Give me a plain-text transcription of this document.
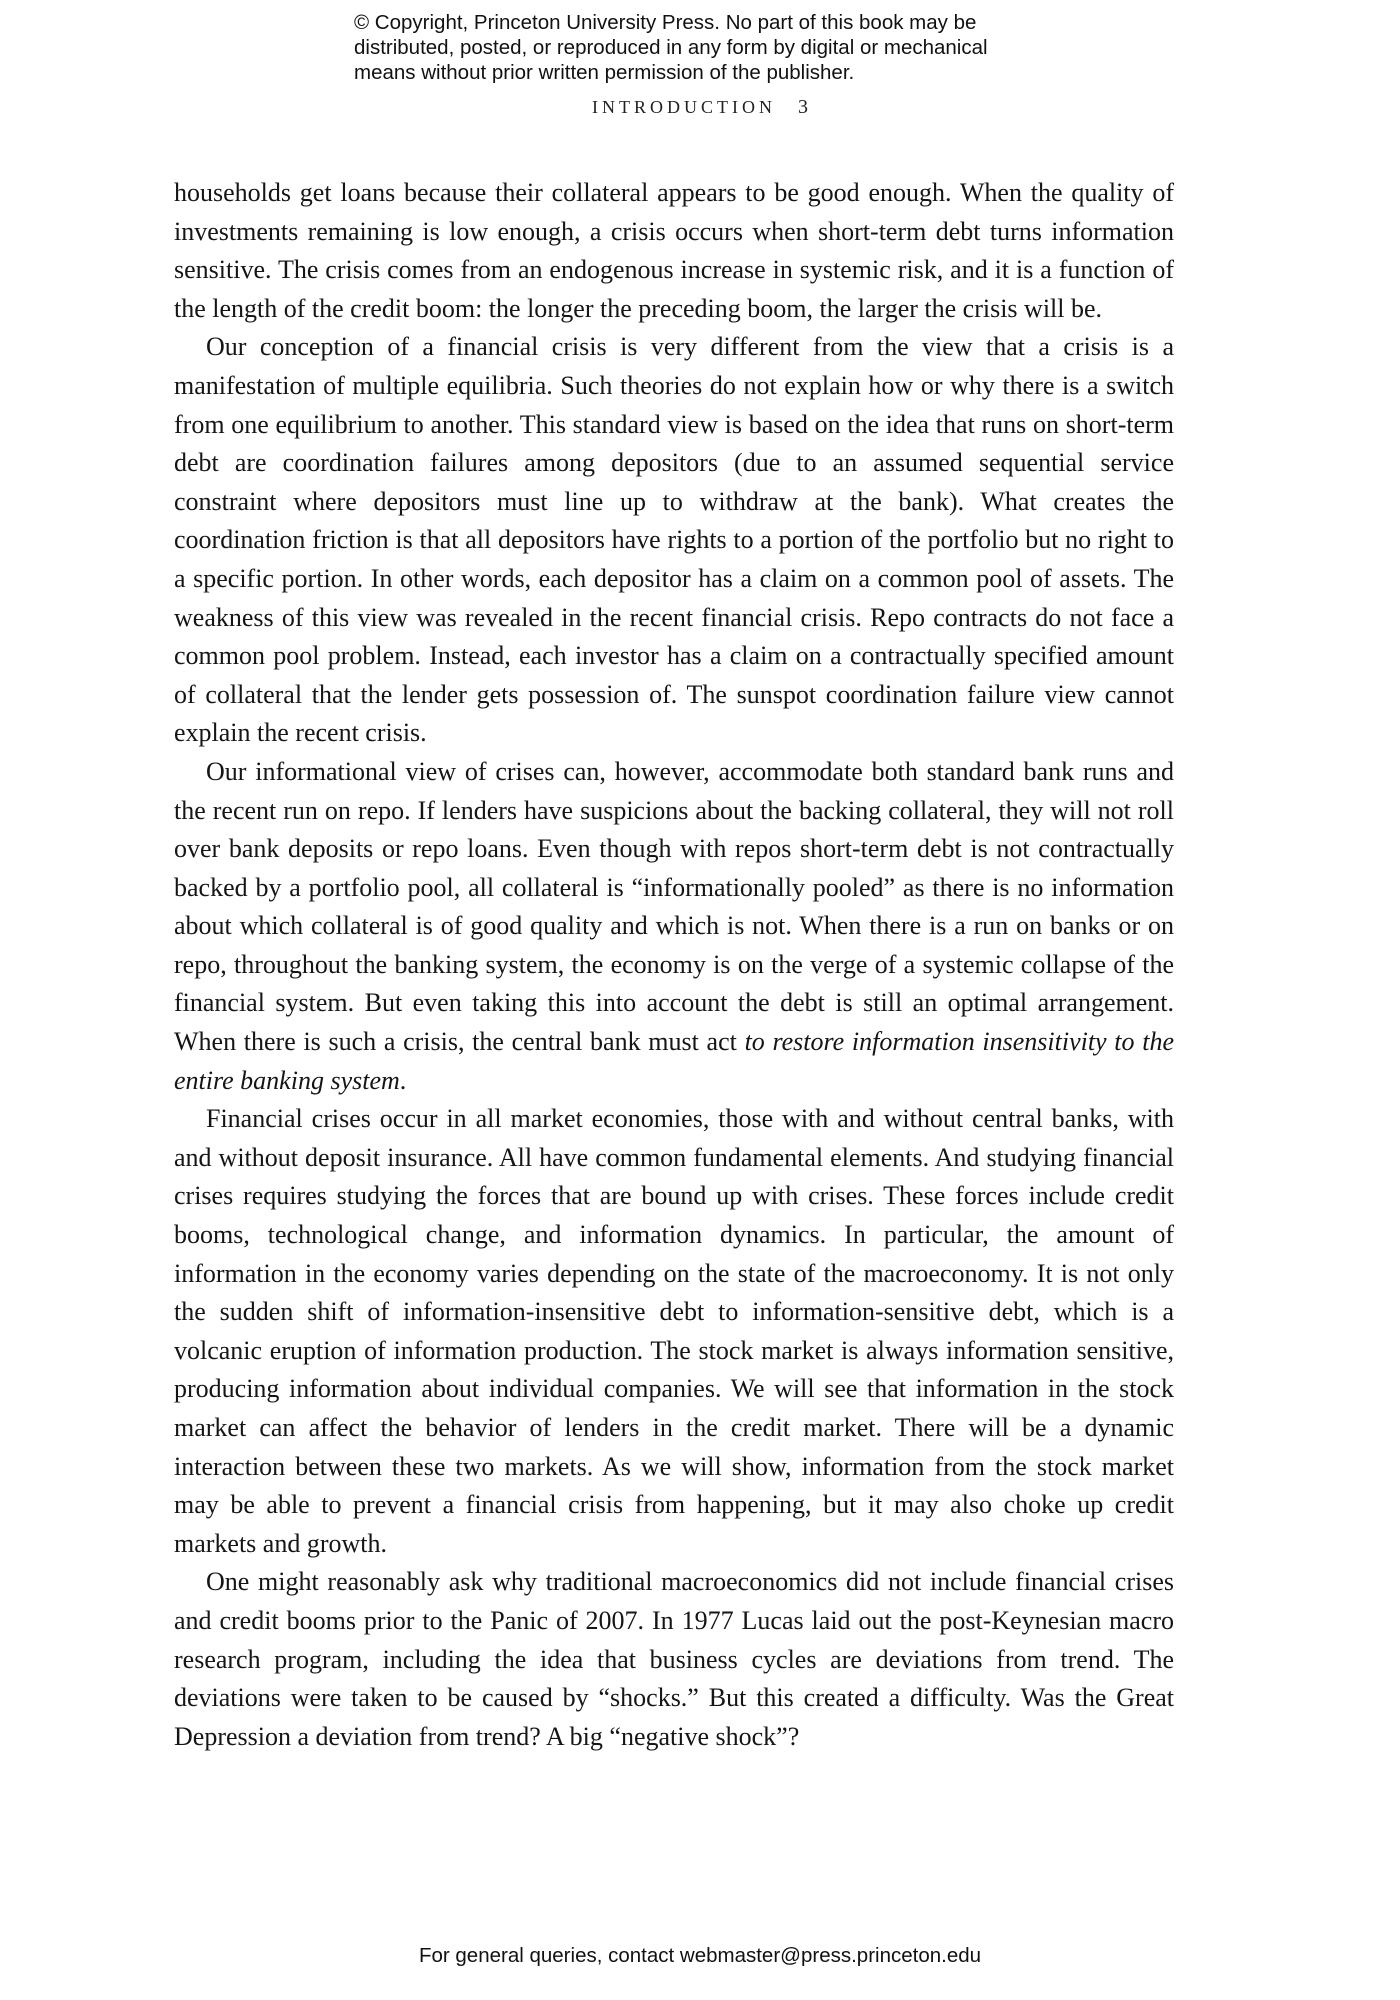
© Copyright, Princeton University Press. No part of this book may be
distributed, posted, or reproduced in any form by digital or mechanical
means without prior written permission of the publisher.
INTRODUCTION 3

households get loans because their collateral appears to be good enough. When the quality of investments remaining is low enough, a crisis occurs when short-term debt turns information sensitive. The crisis comes from an endogenous increase in systemic risk, and it is a function of the length of the credit boom: the longer the preceding boom, the larger the crisis will be.

Our conception of a financial crisis is very different from the view that a crisis is a manifestation of multiple equilibria. Such theories do not explain how or why there is a switch from one equilibrium to another. This standard view is based on the idea that runs on short-term debt are coordination failures among depositors (due to an assumed sequential service constraint where depositors must line up to withdraw at the bank). What creates the coordination friction is that all depositors have rights to a portion of the portfolio but no right to a specific portion. In other words, each depositor has a claim on a common pool of assets. The weakness of this view was revealed in the recent financial crisis. Repo contracts do not face a common pool problem. Instead, each investor has a claim on a contractually specified amount of collateral that the lender gets possession of. The sunspot coordination failure view cannot explain the recent crisis.

Our informational view of crises can, however, accommodate both standard bank runs and the recent run on repo. If lenders have suspicions about the backing collateral, they will not roll over bank deposits or repo loans. Even though with repos short-term debt is not contractually backed by a portfolio pool, all collateral is “informationally pooled” as there is no information about which collateral is of good quality and which is not. When there is a run on banks or on repo, throughout the banking system, the economy is on the verge of a systemic collapse of the financial system. But even taking this into account the debt is still an optimal arrangement. When there is such a crisis, the central bank must act to restore information insensitivity to the entire banking system.

Financial crises occur in all market economies, those with and without central banks, with and without deposit insurance. All have common fundamental elements. And studying financial crises requires studying the forces that are bound up with crises. These forces include credit booms, technological change, and information dynamics. In particular, the amount of information in the economy varies depending on the state of the macroeconomy. It is not only the sudden shift of information-insensitive debt to information-sensitive debt, which is a volcanic eruption of information production. The stock market is always information sensitive, producing information about individual companies. We will see that information in the stock market can affect the behavior of lenders in the credit market. There will be a dynamic interaction between these two markets. As we will show, information from the stock market may be able to prevent a financial crisis from happening, but it may also choke up credit markets and growth.

One might reasonably ask why traditional macroeconomics did not include financial crises and credit booms prior to the Panic of 2007. In 1977 Lucas laid out the post-Keynesian macro research program, including the idea that business cycles are deviations from trend. The deviations were taken to be caused by “shocks.” But this created a difficulty. Was the Great Depression a deviation from trend? A big “negative shock”?

For general queries, contact webmaster@press.princeton.edu
